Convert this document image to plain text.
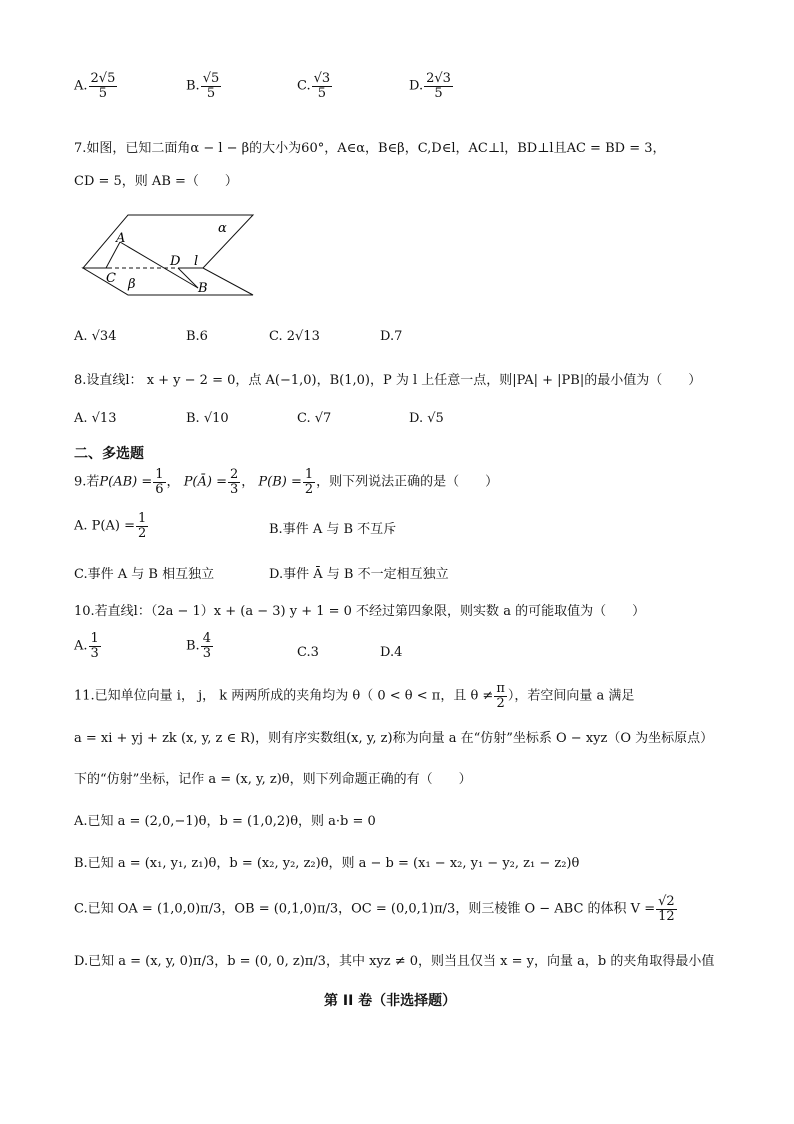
A. $\frac{2√5}{5}$	B. $\frac{√5}{5}$	C. $\frac{√3}{5}$	D. $\frac{2√3}{5}$
7.如图，已知二面角α − l − β的大小为60°，A∈α，B∈β，C,D∈l，AC⊥l，BD⊥l且AC = BD = 3，
CD = 5，则 AB =（　　）
α
A
C
D l
β	B
A. √34	B.6	C. 2√13	D.7
8.设直线l： x + y − 2 = 0，点 A(−1,0)，B(1,0)，P 为 l 上任意一点，则|PA| + |PB|的最小值为（　　）
A. √13	B. √10	C. √7	D. √5
二、多选题
9.若$P(AB) = \frac{1}{6}$ ， P(Ā) = $\frac{2}{3}$ ， $P(B) = \frac{1}{2}$ ，则下列说法正确的是（　　）
A. $P(A) = \frac{1}{2}$	B.事件 A 与 B 不互斥
C.事件 A 与 B 相互独立	D.事件 Ā 与 B 不一定相互独立
10.若直线l：（2a − 1）x + (a − 3) y + 1 = 0 不经过第四象限，则实数 a 的可能取值为（　　）
A. $\frac{1}{3}$	B. $\frac{4}{3}$	C.3	D.4
11.已知单位向量 i， j， k 两两所成的夹角均为 θ（ 0 < θ < π，且 $\theta \ne \frac{\pi}{2}$ ），若空间向量 a 满足
a = xi + yj + zk (x, y, z ∈ R)，则有序实数组(x, y, z)称为向量 a 在“仿射”坐标系 O − xyz（O 为坐标原点）
下的“仿射”坐标，记作 a = (x, y, z)θ，则下列命题正确的有（　　）
A.已知 a = (2,0,−1)θ，b = (1,0,2)θ，则 a·b = 0
B.已知 a = (x₁, y₁, z₁)θ，b = (x₂, y₂, z₂)θ，则 a − b = (x₁ − x₂, y₁ − y₂, z₁ − z₂)θ
C.已知 OA = (1,0,0)π/3，OB = (0,1,0)π/3，OC = (0,0,1)π/3，则三棱锥 O − ABC 的体积 $V = \frac{√2}{12}$
D.已知 a = (x, y, 0)π/3，b = (0, 0, z)π/3，其中 xyz ≠ 0，则当且仅当 x = y，向量 a，b 的夹角取得最小值
第 II 卷（非选择题）
